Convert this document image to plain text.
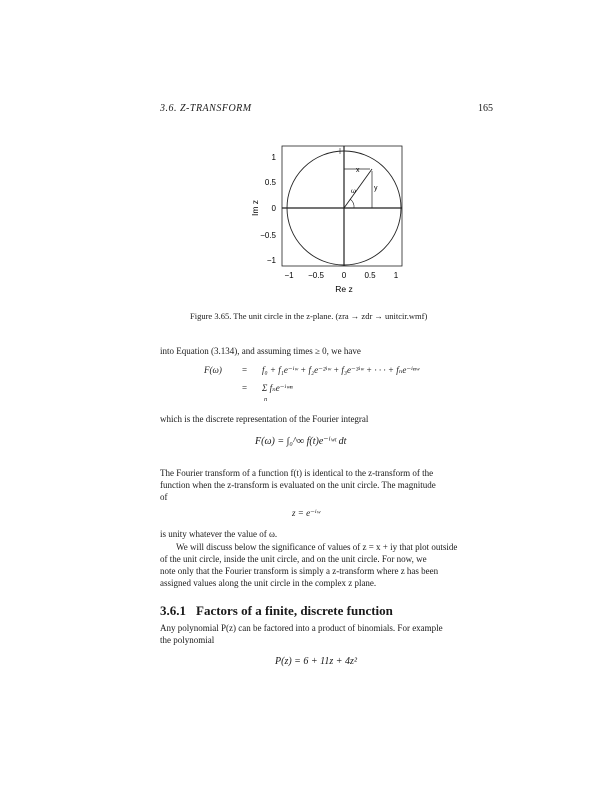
3.6. Z-TRANSFORM	165
1
0.5
0
−0.5
−1
−1 −0.5 0 0.5 1
Re z
Im z
x
y
ω
Figure 3.65. The unit circle in the z-plane. (zra → zdr → unitcir.wmf)
into Equation (3.134), and assuming times ≥ 0, we have
F(ω) = f₀ + f₁e⁻ⁱʷ + f₂e⁻²ⁱʷ + f₃e⁻³ⁱʷ + · · · + fₙe⁻ⁱⁿʷ
= Σ fₙe⁻ⁱʷⁿ
n
which is the discrete representation of the Fourier integral
F(ω) = ∫₀^∞ f(t)e⁻ⁱʷᵗ dt
The Fourier transform of a function f(t) is identical to the z-transform of the
function when the z-transform is evaluated on the unit circle. The magnitude
of
z = e⁻ⁱʷ
is unity whatever the value of ω.
We will discuss below the significance of values of z = x + iy that plot outside
of the unit circle, inside the unit circle, and on the unit circle. For now, we
note only that the Fourier transform is simply a z-transform where z has been
assigned values along the unit circle in the complex z plane.
3.6.1 Factors of a finite, discrete function
Any polynomial P(z) can be factored into a product of binomials. For example
the polynomial
P(z) = 6 + 11z + 4z²
